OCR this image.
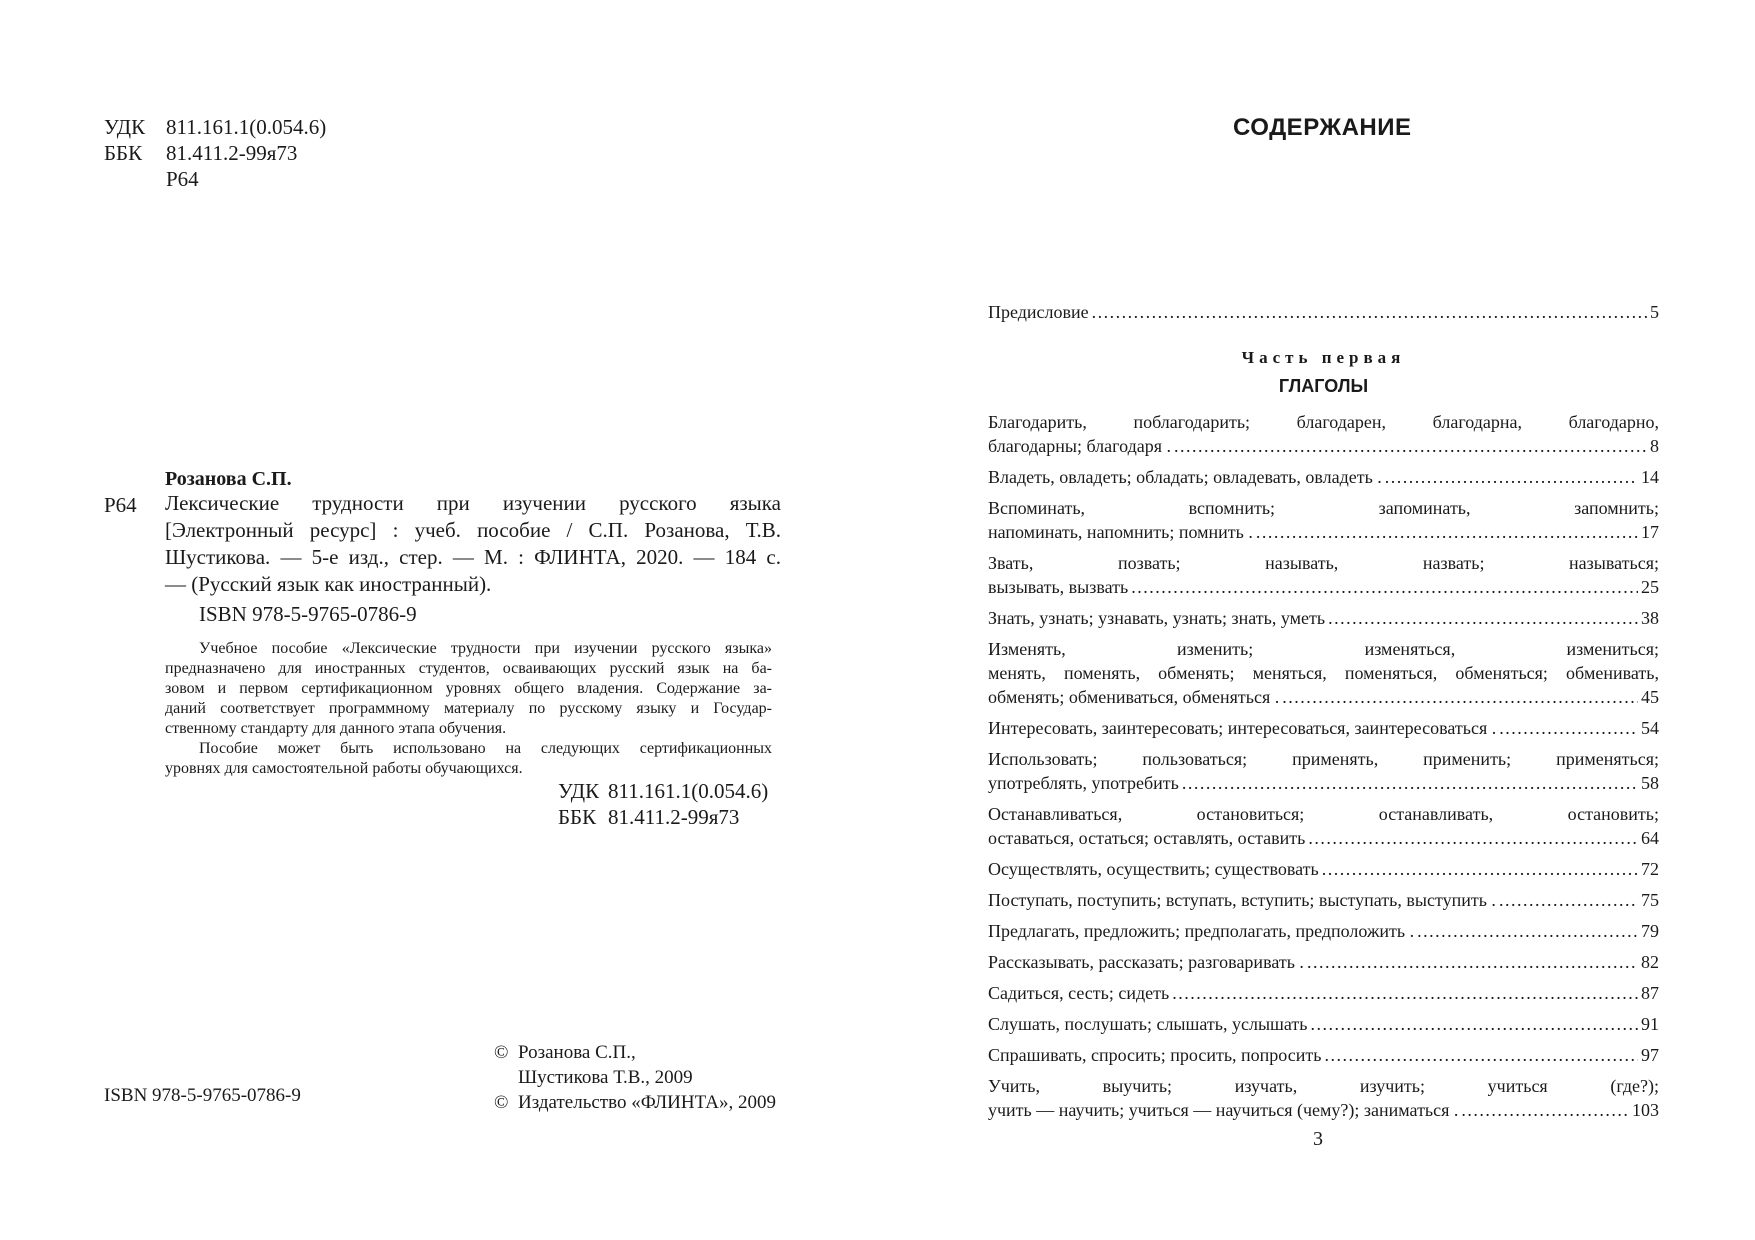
УДК 811.161.1(0.054.6)
ББК	81.411.2-99я73
Р64
Розанова С.П.
Р64 Лексические трудности при изучении русского языка
[Электронный ресурс] : учеб. пособие / С.П. Розанова, Т.В.
Шустикова. — 5-е изд., стер. — М. : ФЛИНТА, 2020. — 184 с.
— (Русский язык как иностранный).
ISBN 978-5-9765-0786-9
Учебное пособие «Лексические трудности при изучении русского языка»
предназначено для иностранных студентов, осваивающих русский язык на ба-
зовом и первом сертификационном уровнях общего владения. Содержание за-
даний соответствует программному материалу по русскому языку и Государ-
ственному стандарту для данного этапа обучения.
Пособие может быть использовано на следующих сертификационных
уровнях для самостоятельной работы обучающихся.
УДК 811.161.1(0.054.6)
ББК 81.411.2-99я73
© Розанова С.П.,
Шустикова Т.В., 2009
© Издательство «ФЛИНТА», 2009
ISBN 978-5-9765-0786-9
СОДЕРЖАНИЕ
Предисловие . . .	5
Часть первая
ГЛАГОЛЫ
Благодарить, поблагодарить; благодарен, благодарна, благодарно,
благодарны; благодаря . . . .	8
Владеть, овладеть; обладать; овладевать, овладеть . . . .	14
Вспоминать, вспомнить; запоминать, запомнить;
напоминать, напомнить; помнить . . . .	17
Звать, позвать; называть, назвать; называться;
вызывать, вызвать . . .	25
Знать, узнать; узнавать, узнать; знать, уметь . . .	38
Изменять, изменить; изменяться, измениться;
менять, поменять, обменять; меняться, поменяться, обменяться; обменивать,
обменять; обмениваться, обменяться . . . .	45
Интересовать, заинтересовать; интересоваться, заинтересоваться . . . .	54
Использовать; пользоваться; применять, применить; применяться;
употреблять, употребить . . .	58
Останавливаться, остановиться; останавливать, остановить;
оставаться, остаться; оставлять, оставить . . .	64
Осуществлять, осуществить; существовать . . .	72
Поступать, поступить; вступать, вступить; выступать, выступить . . . .	75
Предлагать, предложить; предполагать, предположить . . . .	79
Рассказывать, рассказать; разговаривать . . . .	82
Садиться, сесть; сидеть . . .	87
Слушать, послушать; слышать, услышать . . .	91
Спрашивать, спросить; просить, попросить . . .	97
Учить, выучить; изучать, изучить; учиться (где?);
учить — научить; учиться — научиться (чему?); заниматься . . . .	103
3
